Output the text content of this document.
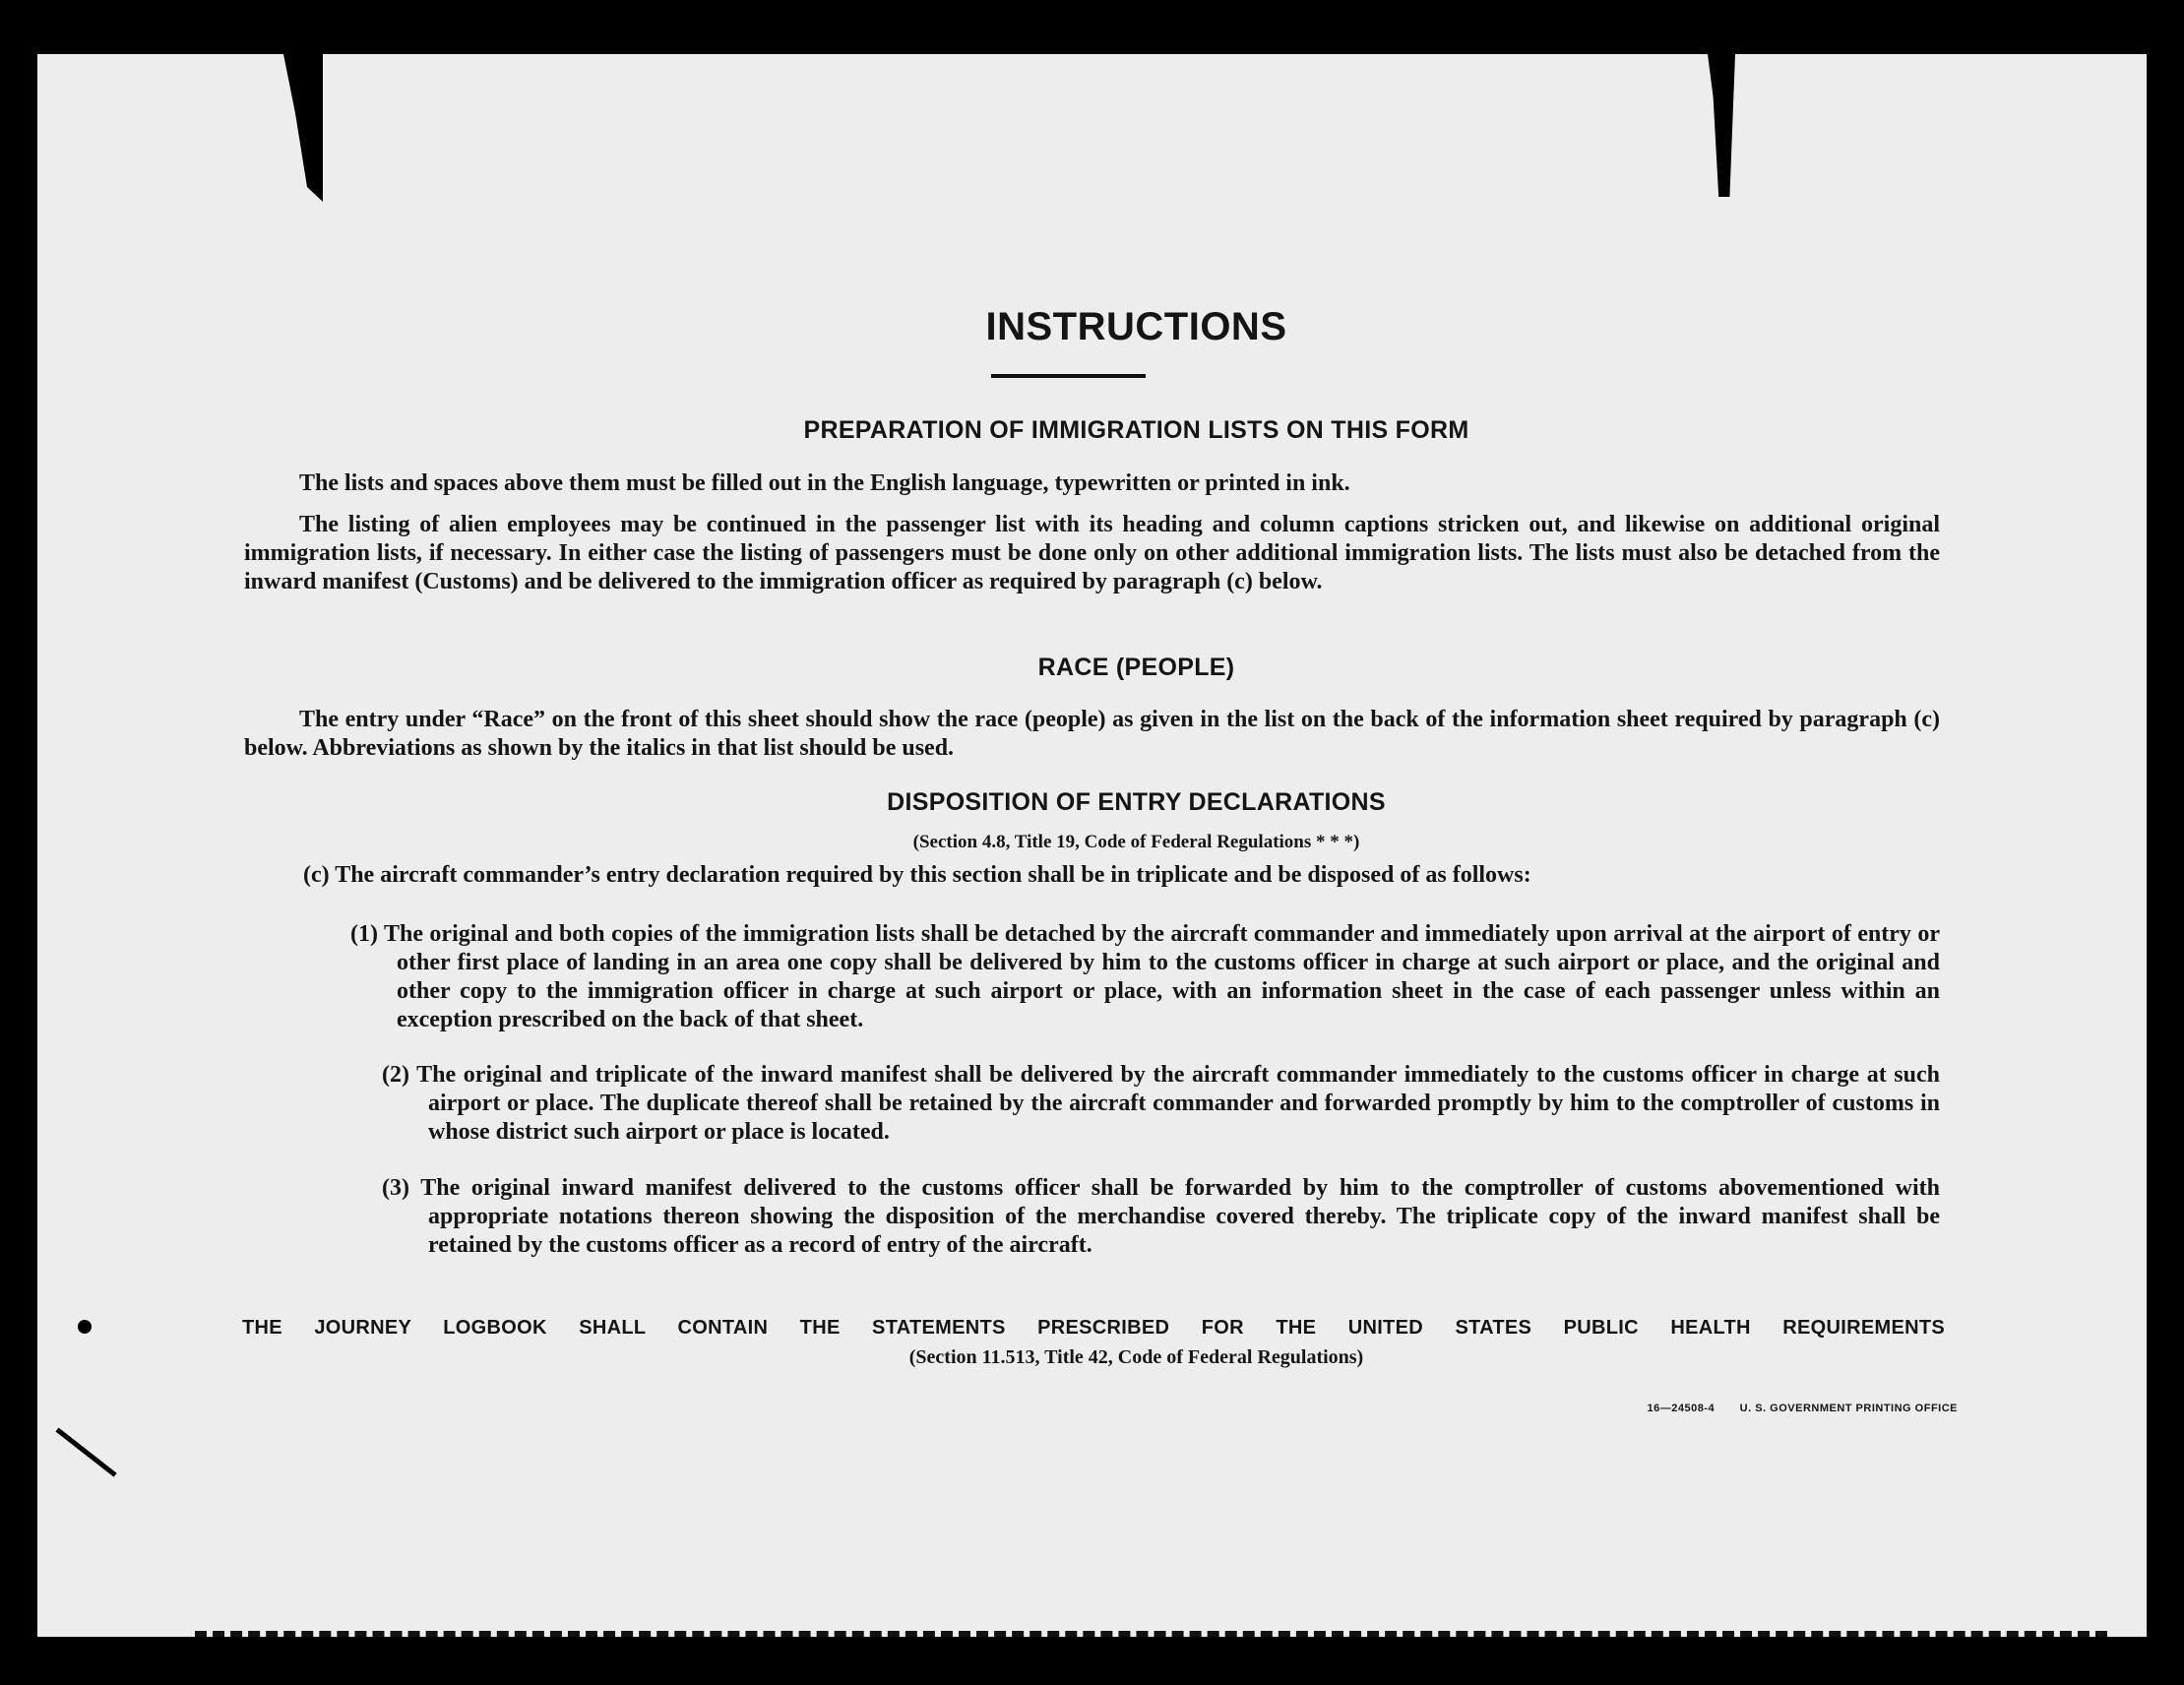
INSTRUCTIONS
PREPARATION OF IMMIGRATION LISTS ON THIS FORM
The lists and spaces above them must be filled out in the English language, typewritten or printed in ink.
The listing of alien employees may be continued in the passenger list with its heading and column captions stricken out, and likewise on additional original immigration lists, if necessary. In either case the listing of passengers must be done only on other additional immigration lists. The lists must also be detached from the inward manifest (Customs) and be delivered to the immigration officer as required by paragraph (c) below.
RACE (PEOPLE)
The entry under “Race” on the front of this sheet should show the race (people) as given in the list on the back of the information sheet required by paragraph (c) below. Abbreviations as shown by the italics in that list should be used.
DISPOSITION OF ENTRY DECLARATIONS
(Section 4.8, Title 19, Code of Federal Regulations * * *)
(c) The aircraft commander’s entry declaration required by this section shall be in triplicate and be disposed of as follows:
(1) The original and both copies of the immigration lists shall be detached by the aircraft commander and immediately upon arrival at the airport of entry or other first place of landing in an area one copy shall be delivered by him to the customs officer in charge at such airport or place, and the original and other copy to the immigration officer in charge at such airport or place, with an information sheet in the case of each passenger unless within an exception prescribed on the back of that sheet.
(2) The original and triplicate of the inward manifest shall be delivered by the aircraft commander immediately to the customs officer in charge at such airport or place. The duplicate thereof shall be retained by the aircraft commander and forwarded promptly by him to the comptroller of customs in whose district such airport or place is located.
(3) The original inward manifest delivered to the customs officer shall be forwarded by him to the comptroller of customs abovementioned with appropriate notations thereon showing the disposition of the merchandise covered thereby. The triplicate copy of the inward manifest shall be retained by the customs officer as a record of entry of the aircraft.
THE JOURNEY LOGBOOK SHALL CONTAIN THE STATEMENTS PRESCRIBED FOR THE UNITED STATES PUBLIC HEALTH REQUIREMENTS
(Section 11.513, Title 42, Code of Federal Regulations)
16—24508-4 U. S. GOVERNMENT PRINTING OFFICE
